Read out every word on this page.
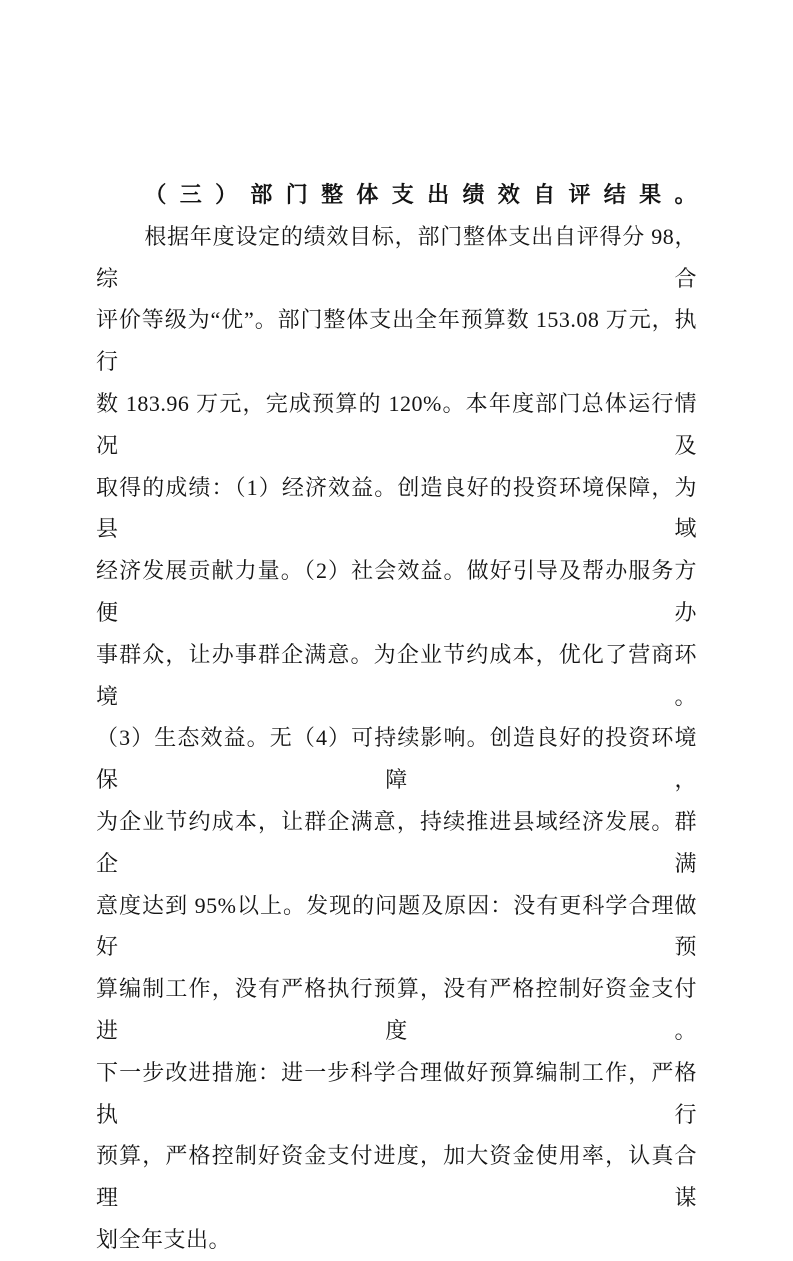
（三）部门整体支出绩效自评结果。

根据年度设定的绩效目标，部门整体支出自评得分 98，综合

评价等级为“优”。部门整体支出全年预算数 153.08 万元，执行

数 183.96 万元，完成预算的 120%。本年度部门总体运行情况及

取得的成绩：（1）经济效益。创造良好的投资环境保障，为县域

经济发展贡献力量。（2）社会效益。做好引导及帮办服务方便办

事群众，让办事群企满意。为企业节约成本，优化了营商环境。

（3）生态效益。无（4）可持续影响。创造良好的投资环境保障，

为企业节约成本，让群企满意，持续推进县域经济发展。群企满

意度达到 95%以上。发现的问题及原因：没有更科学合理做好预

算编制工作，没有严格执行预算，没有严格控制好资金支付进度。

下一步改进措施：进一步科学合理做好预算编制工作，严格执行

预算，严格控制好资金支付进度，加大资金使用率，认真合理谋

划全年支出。
